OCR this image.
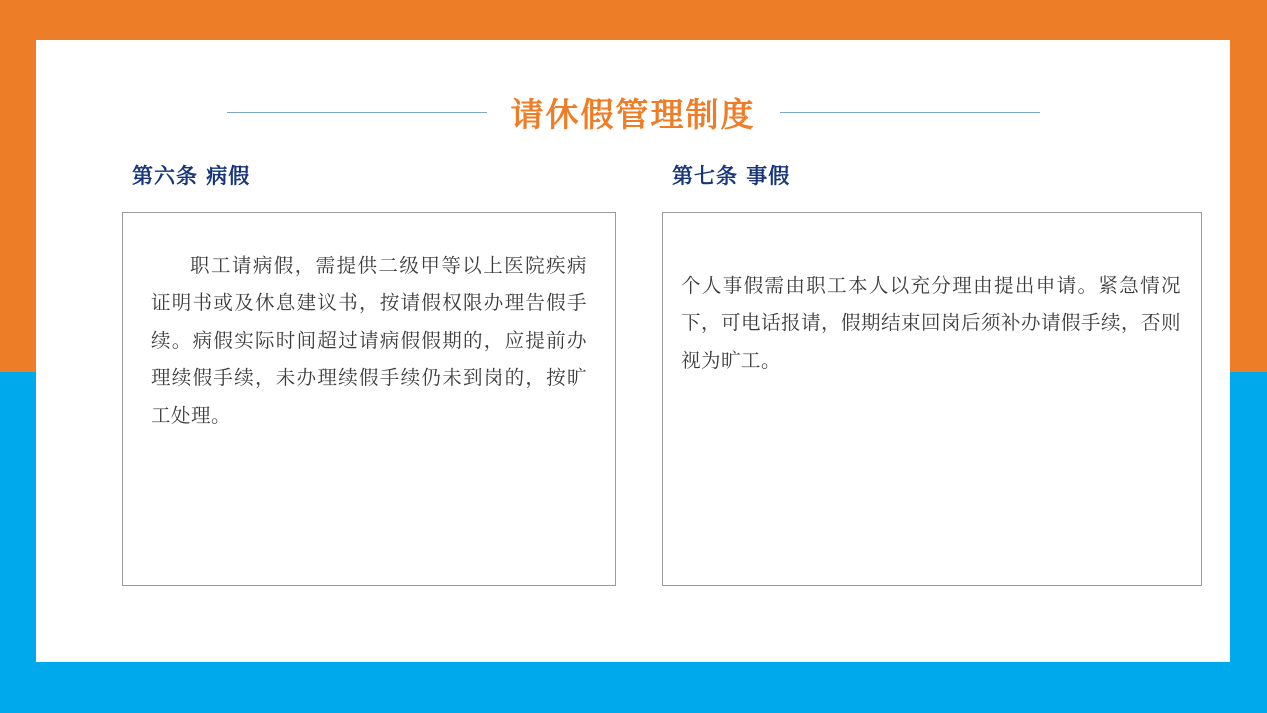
请休假管理制度
第六条 病假

职工请病假，需提供二级甲等以上医院疾病证明书或及休息建议书，按请假权限办理告假手续。病假实际时间超过请病假假期的，应提前办理续假手续，未办理续假手续仍未到岗的，按旷工处理。

第七条 事假

个人事假需由职工本人以充分理由提出申请。紧急情况下，可电话报请，假期结束回岗后须补办请假手续，否则视为旷工。
